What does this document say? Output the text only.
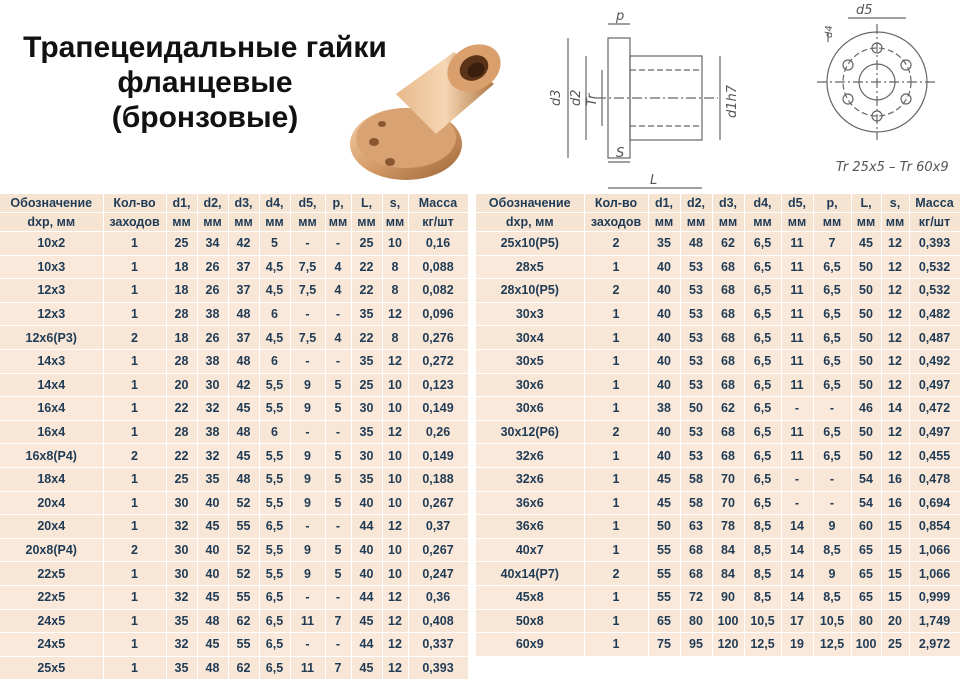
Трапецеидальные гайки
фланцевые
(бронзовые)
p
d3 d2 Tr	d1h7
S
L
d5
d4
Tr 25x5 – Tr 60x9
Обозначение	Кол-во	d1,	d2,	d3,	d4,	d5,	p,	L,	s,	Масса
dxp, мм	заходов	мм	мм	мм	мм	мм	мм	мм	мм	кг/шт
10x2	1	25	34	42	5	-	-	25	10	0,16
10x3	1	18	26	37	4,5	7,5	4	22	8	0,088
12x3	1	18	26	37	4,5	7,5	4	22	8	0,082
12x3	1	28	38	48	6	-	-	35	12	0,096
12x6(P3)	2	18	26	37	4,5	7,5	4	22	8	0,276
14x3	1	28	38	48	6	-	-	35	12	0,272
14x4	1	20	30	42	5,5	9	5	25	10	0,123
16x4	1	22	32	45	5,5	9	5	30	10	0,149
16x4	1	28	38	48	6	-	-	35	12	0,26
16x8(P4)	2	22	32	45	5,5	9	5	30	10	0,149
18x4	1	25	35	48	5,5	9	5	35	10	0,188
20x4	1	30	40	52	5,5	9	5	40	10	0,267
20x4	1	32	45	55	6,5	-	-	44	12	0,37
20x8(P4)	2	30	40	52	5,5	9	5	40	10	0,267
22x5	1	30	40	52	5,5	9	5	40	10	0,247
22x5	1	32	45	55	6,5	-	-	44	12	0,36
24x5	1	35	48	62	6,5	11	7	45	12	0,408
24x5	1	32	45	55	6,5	-	-	44	12	0,337
25x5	1	35	48	62	6,5	11	7	45	12	0,393
Обозначение	Кол-во	d1,	d2,	d3,	d4,	d5,	p,	L,	s,	Масса
dxp, мм	заходов	мм	мм	мм	мм	мм	мм	мм	мм	кг/шт
25x10(P5)	2	35	48	62	6,5	11	7	45	12	0,393
28x5	1	40	53	68	6,5	11	6,5	50	12	0,532
28x10(P5)	2	40	53	68	6,5	11	6,5	50	12	0,532
30x3	1	40	53	68	6,5	11	6,5	50	12	0,482
30x4	1	40	53	68	6,5	11	6,5	50	12	0,487
30x5	1	40	53	68	6,5	11	6,5	50	12	0,492
30x6	1	40	53	68	6,5	11	6,5	50	12	0,497
30x6	1	38	50	62	6,5	-	-	46	14	0,472
30x12(P6)	2	40	53	68	6,5	11	6,5	50	12	0,497
32x6	1	40	53	68	6,5	11	6,5	50	12	0,455
32x6	1	45	58	70	6,5	-	-	54	16	0,478
36x6	1	45	58	70	6,5	-	-	54	16	0,694
36x6	1	50	63	78	8,5	14	9	60	15	0,854
40x7	1	55	68	84	8,5	14	8,5	65	15	1,066
40x14(P7)	2	55	68	84	8,5	14	9	65	15	1,066
45x8	1	55	72	90	8,5	14	8,5	65	15	0,999
50x8	1	65	80	100	10,5	17	10,5	80	20	1,749
60x9	1	75	95	120	12,5	19	12,5	100	25	2,972
